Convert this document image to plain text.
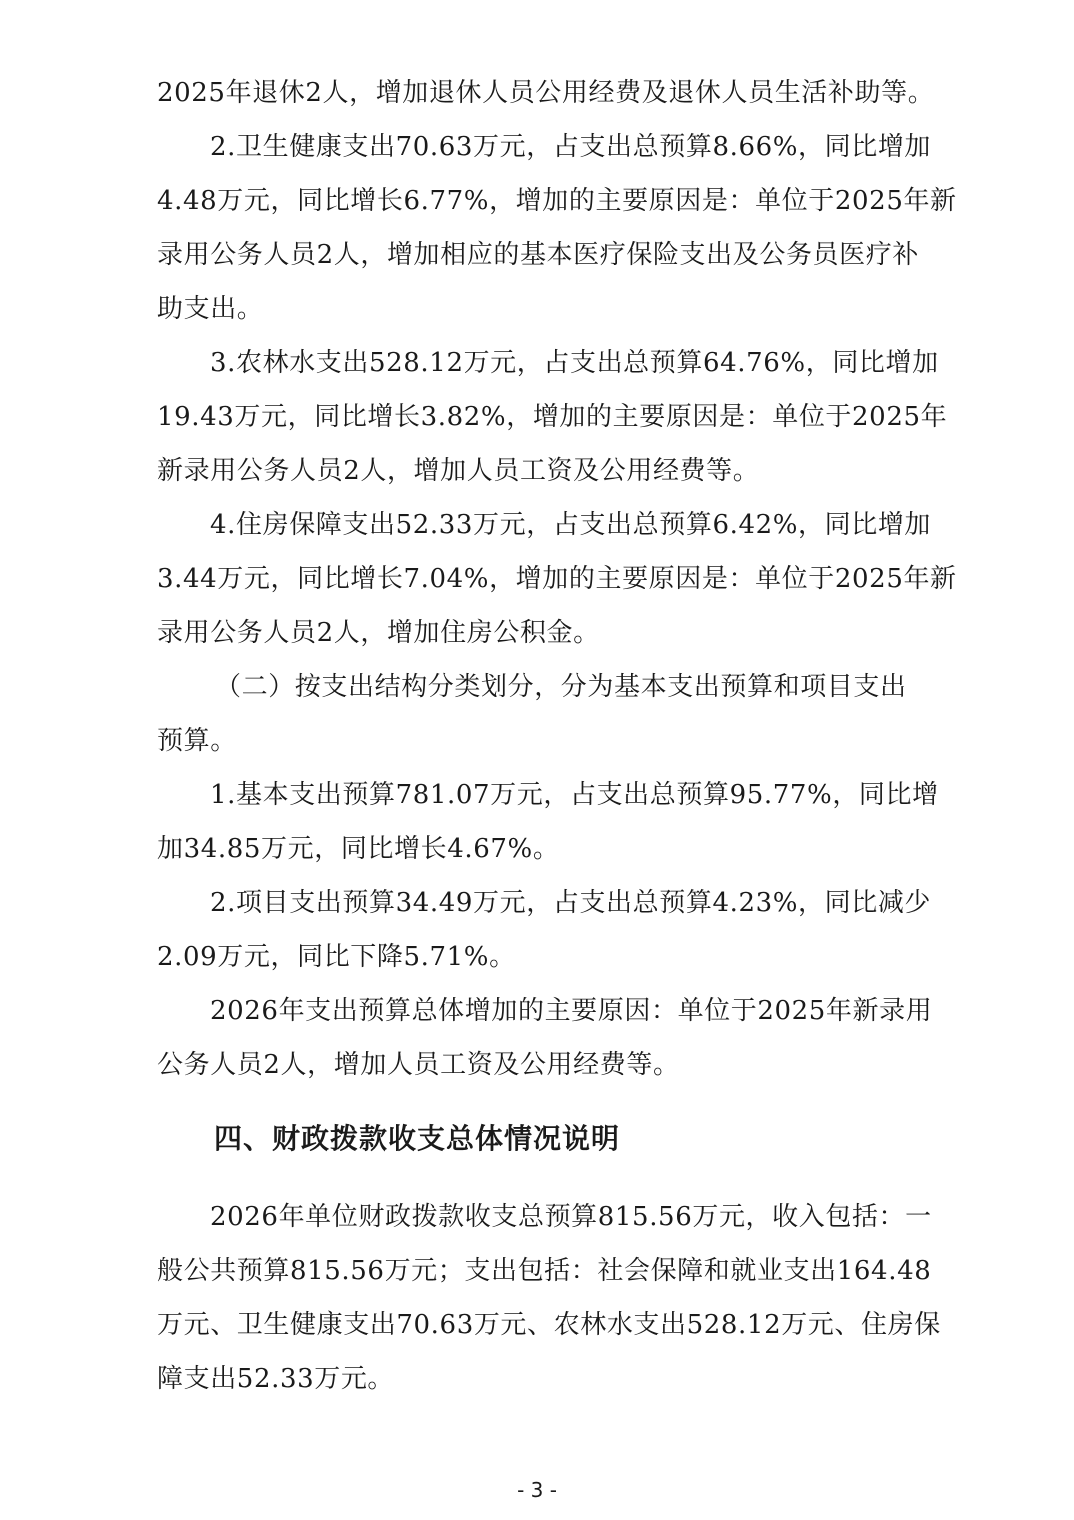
2025年退休2人，增加退休人员公用经费及退休人员生活补助等。
2.卫生健康支出70.63万元，占支出总预算8.66%，同比增加
4.48万元，同比增长6.77%，增加的主要原因是：单位于2025年新
录用公务人员2人，增加相应的基本医疗保险支出及公务员医疗补
助支出。
3.农林水支出528.12万元，占支出总预算64.76%，同比增加
19.43万元，同比增长3.82%，增加的主要原因是：单位于2025年
新录用公务人员2人，增加人员工资及公用经费等。
4.住房保障支出52.33万元，占支出总预算6.42%，同比增加
3.44万元，同比增长7.04%，增加的主要原因是：单位于2025年新
录用公务人员2人，增加住房公积金。
（二）按支出结构分类划分，分为基本支出预算和项目支出
预算。
1.基本支出预算781.07万元，占支出总预算95.77%，同比增
加34.85万元，同比增长4.67%。
2.项目支出预算34.49万元，占支出总预算4.23%，同比减少
2.09万元，同比下降5.71%。
2026年支出预算总体增加的主要原因：单位于2025年新录用
公务人员2人，增加人员工资及公用经费等。
四、财政拨款收支总体情况说明
2026年单位财政拨款收支总预算815.56万元，收入包括：一
般公共预算815.56万元；支出包括：社会保障和就业支出164.48
万元、卫生健康支出70.63万元、农林水支出528.12万元、住房保
障支出52.33万元。
- 3 -
